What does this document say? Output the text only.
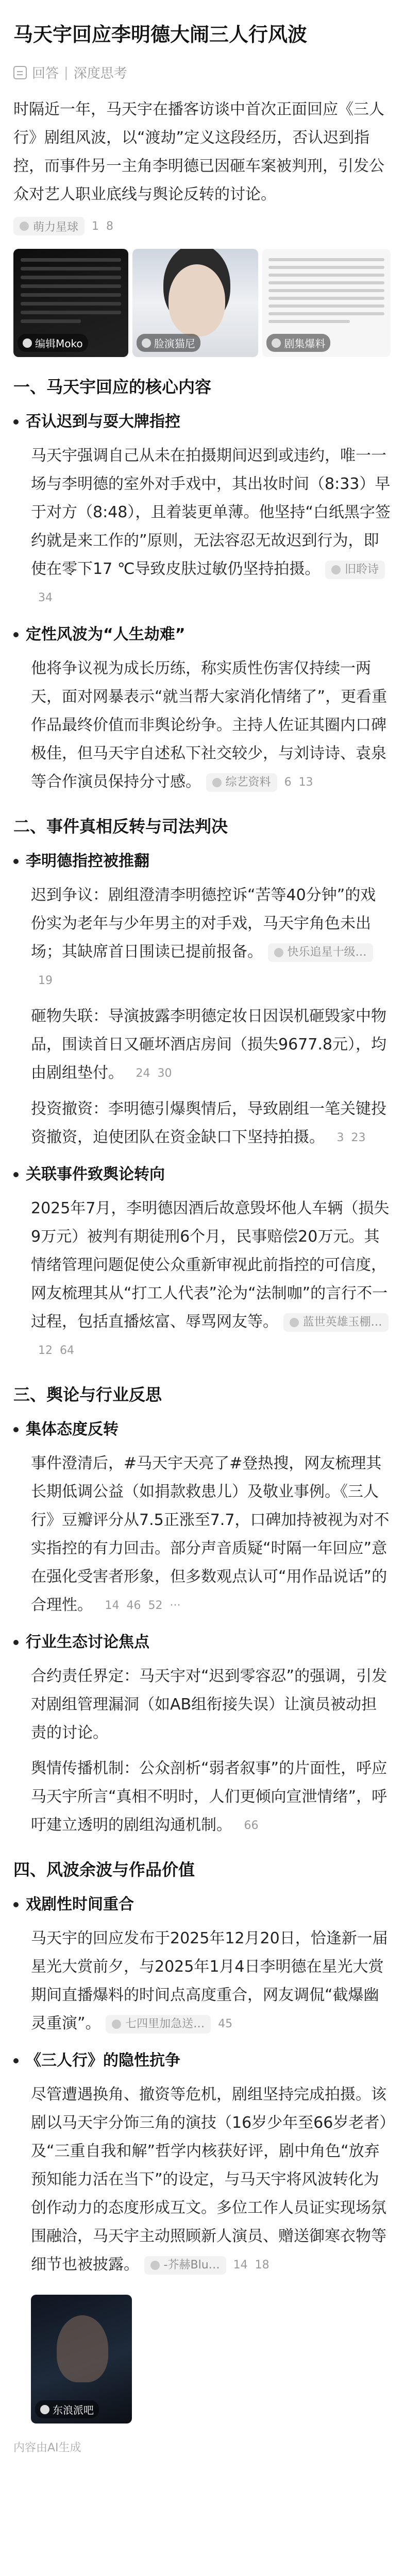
马天宇回应李明德大闹三人行风波
回答 | 深度思考
时隔近一年，马天宇在播客访谈中首次正面回应《三人行》剧组风波，以“渡劫”定义这段经历，否认迟到指控，而事件另一主角李明德已因砸车案被判刑，引发公众对艺人职业底线与舆论反转的讨论。
萌力星球 1 8
编辑Moko	脸演猫尼	剧集爆料
一、马天宇回应的核心内容
否认迟到与耍大牌指控
马天宇强调自己从未在拍摄期间迟到或违约，唯一一场与李明德的室外对手戏中，其出妆时间（8:33）早于对方（8:48），且着装更单薄。他坚持“白纸黑字签约就是来工作的”原则，无法容忍无故迟到行为，即使在零下17 ℃导致皮肤过敏仍坚持拍摄。 旧聆诗
34
定性风波为“人生劫难”
他将争议视为成长历练，称实质性伤害仅持续一两天，面对网暴表示“就当帮大家消化情绪了”，更看重作品最终价值而非舆论纷争。主持人佐证其圈内口碑极佳，但马天宇自述私下社交较少，与刘诗诗、袁泉等合作演员保持分寸感。 综艺资料 6 13
二、事件真相反转与司法判决
李明德指控被推翻
迟到争议：剧组澄清李明德控诉“苦等40分钟”的戏份实为老年与少年男主的对手戏，马天宇角色未出场；其缺席首日围读已提前报备。 快乐追星十级…
19
砸物失联：导演披露李明德定妆日因误机砸毁家中物品，围读首日又砸坏酒店房间（损失9677.8元），均由剧组垫付。 24 30
投资撤资：李明德引爆舆情后，导致剧组一笔关键投资撤资，迫使团队在资金缺口下坚持拍摄。 3 23
关联事件致舆论转向
2025年7月，李明德因酒后故意毁坏他人车辆（损失9万元）被判有期徒刑6个月，民事赔偿20万元。其情绪管理问题促使公众重新审视此前指控的可信度，网友梳理其从“打工人代表”沦为“法制咖”的言行不一过程，包括直播炫富、辱骂网友等。 蓝世英雄玉棚…
12 64
三、舆论与行业反思
集体态度反转
事件澄清后，#马天宇天亮了#登热搜，网友梳理其长期低调公益（如捐款救患儿）及敬业事例。《三人行》豆瓣评分从7.5正涨至7.7，口碑加持被视为对不实指控的有力回击。部分声音质疑“时隔一年回应”意在强化受害者形象，但多数观点认可“用作品说话”的合理性。 14 46 52 ···
行业生态讨论焦点
合约责任界定：马天宇对“迟到零容忍”的强调，引发对剧组管理漏洞（如AB组衔接失误）让演员被动担责的讨论。
舆情传播机制：公众剖析“弱者叙事”的片面性，呼应马天宇所言“真相不明时，人们更倾向宣泄情绪”，呼吁建立透明的剧组沟通机制。 66
四、风波余波与作品价值
戏剧性时间重合
马天宇的回应发布于2025年12月20日，恰逢新一届星光大赏前夕，与2025年1月4日李明德在星光大赏期间直播爆料的时间点高度重合，网友调侃“截爆幽灵重演”。 七四里加急送… 45
《三人行》的隐性抗争
尽管遭遇换角、撤资等危机，剧组坚持完成拍摄。该剧以马天宇分饰三角的演技（16岁少年至66岁老者）及“三重自我和解”哲学内核获好评，剧中角色“放弃预知能力活在当下”的设定，与马天宇将风波转化为创作动力的态度形成互文。多位工作人员证实现场氛围融洽，马天宇主动照顾新人演员、赠送御寒衣物等细节也被披露。 -芥赫Blu… 14 18
东浪派吧
内容由AI生成
